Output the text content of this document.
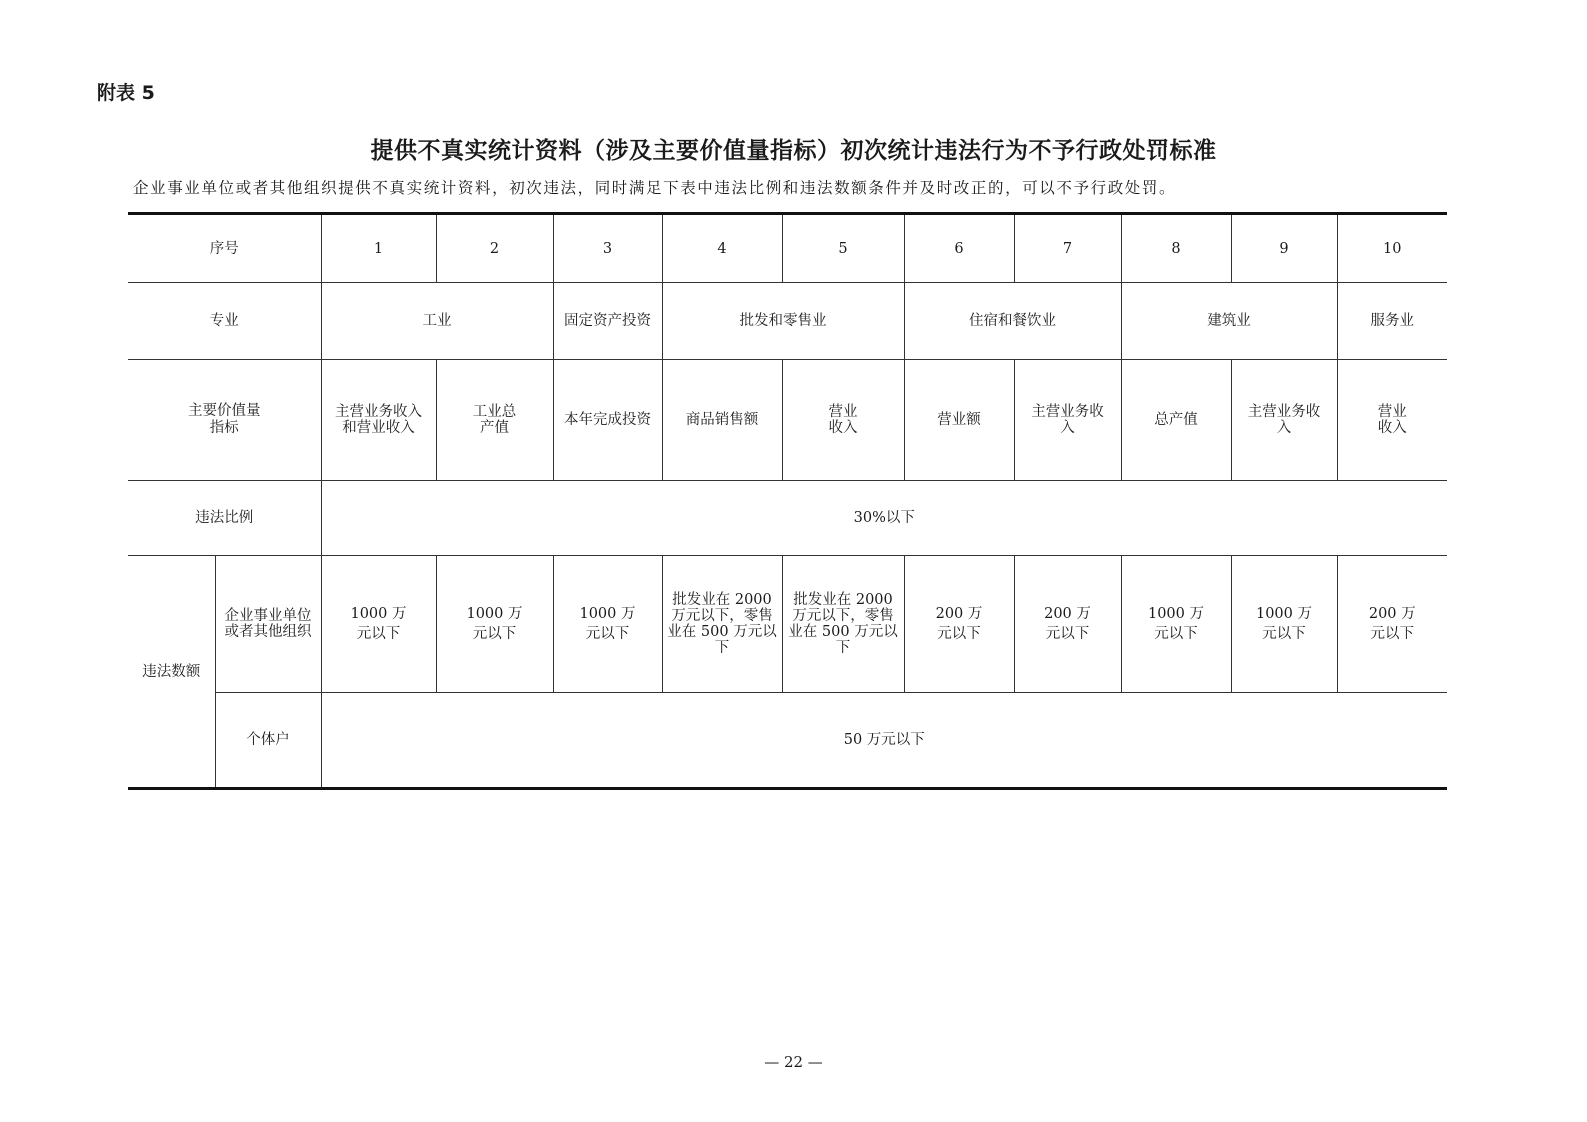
附表 5
提供不真实统计资料（涉及主要价值量指标）初次统计违法行为不予行政处罚标准
企业事业单位或者其他组织提供不真实统计资料，初次违法，同时满足下表中违法比例和违法数额条件并及时改正的，可以不予行政处罚。
序号		1	2	3	4	5	6	7	8	9	10
专业		工业		固定资产投资	批发和零售业		住宿和餐饮业		建筑业		服务业

主要价值量指标		主营业务收入和营业收入	工业总产值	本年完成投资	商品销售额	营业收入	营业额	主营业务收入	总产值	主营业务收入	营业收入

违法比例		30%以下									
违法数额	企业事业单位或者其他组织	1000 万元以下	1000 万元以下	1000 万元以下	批发业在 2000 万元以下，零售业在 500 万元以下	批发业在 2000 万元以下，零售业在 500 万元以下	200 万元以下	200 万元以下	1000 万元以下	1000 万元以下	200 万元以下

	个体户	50 万元以下									
— 22 —
